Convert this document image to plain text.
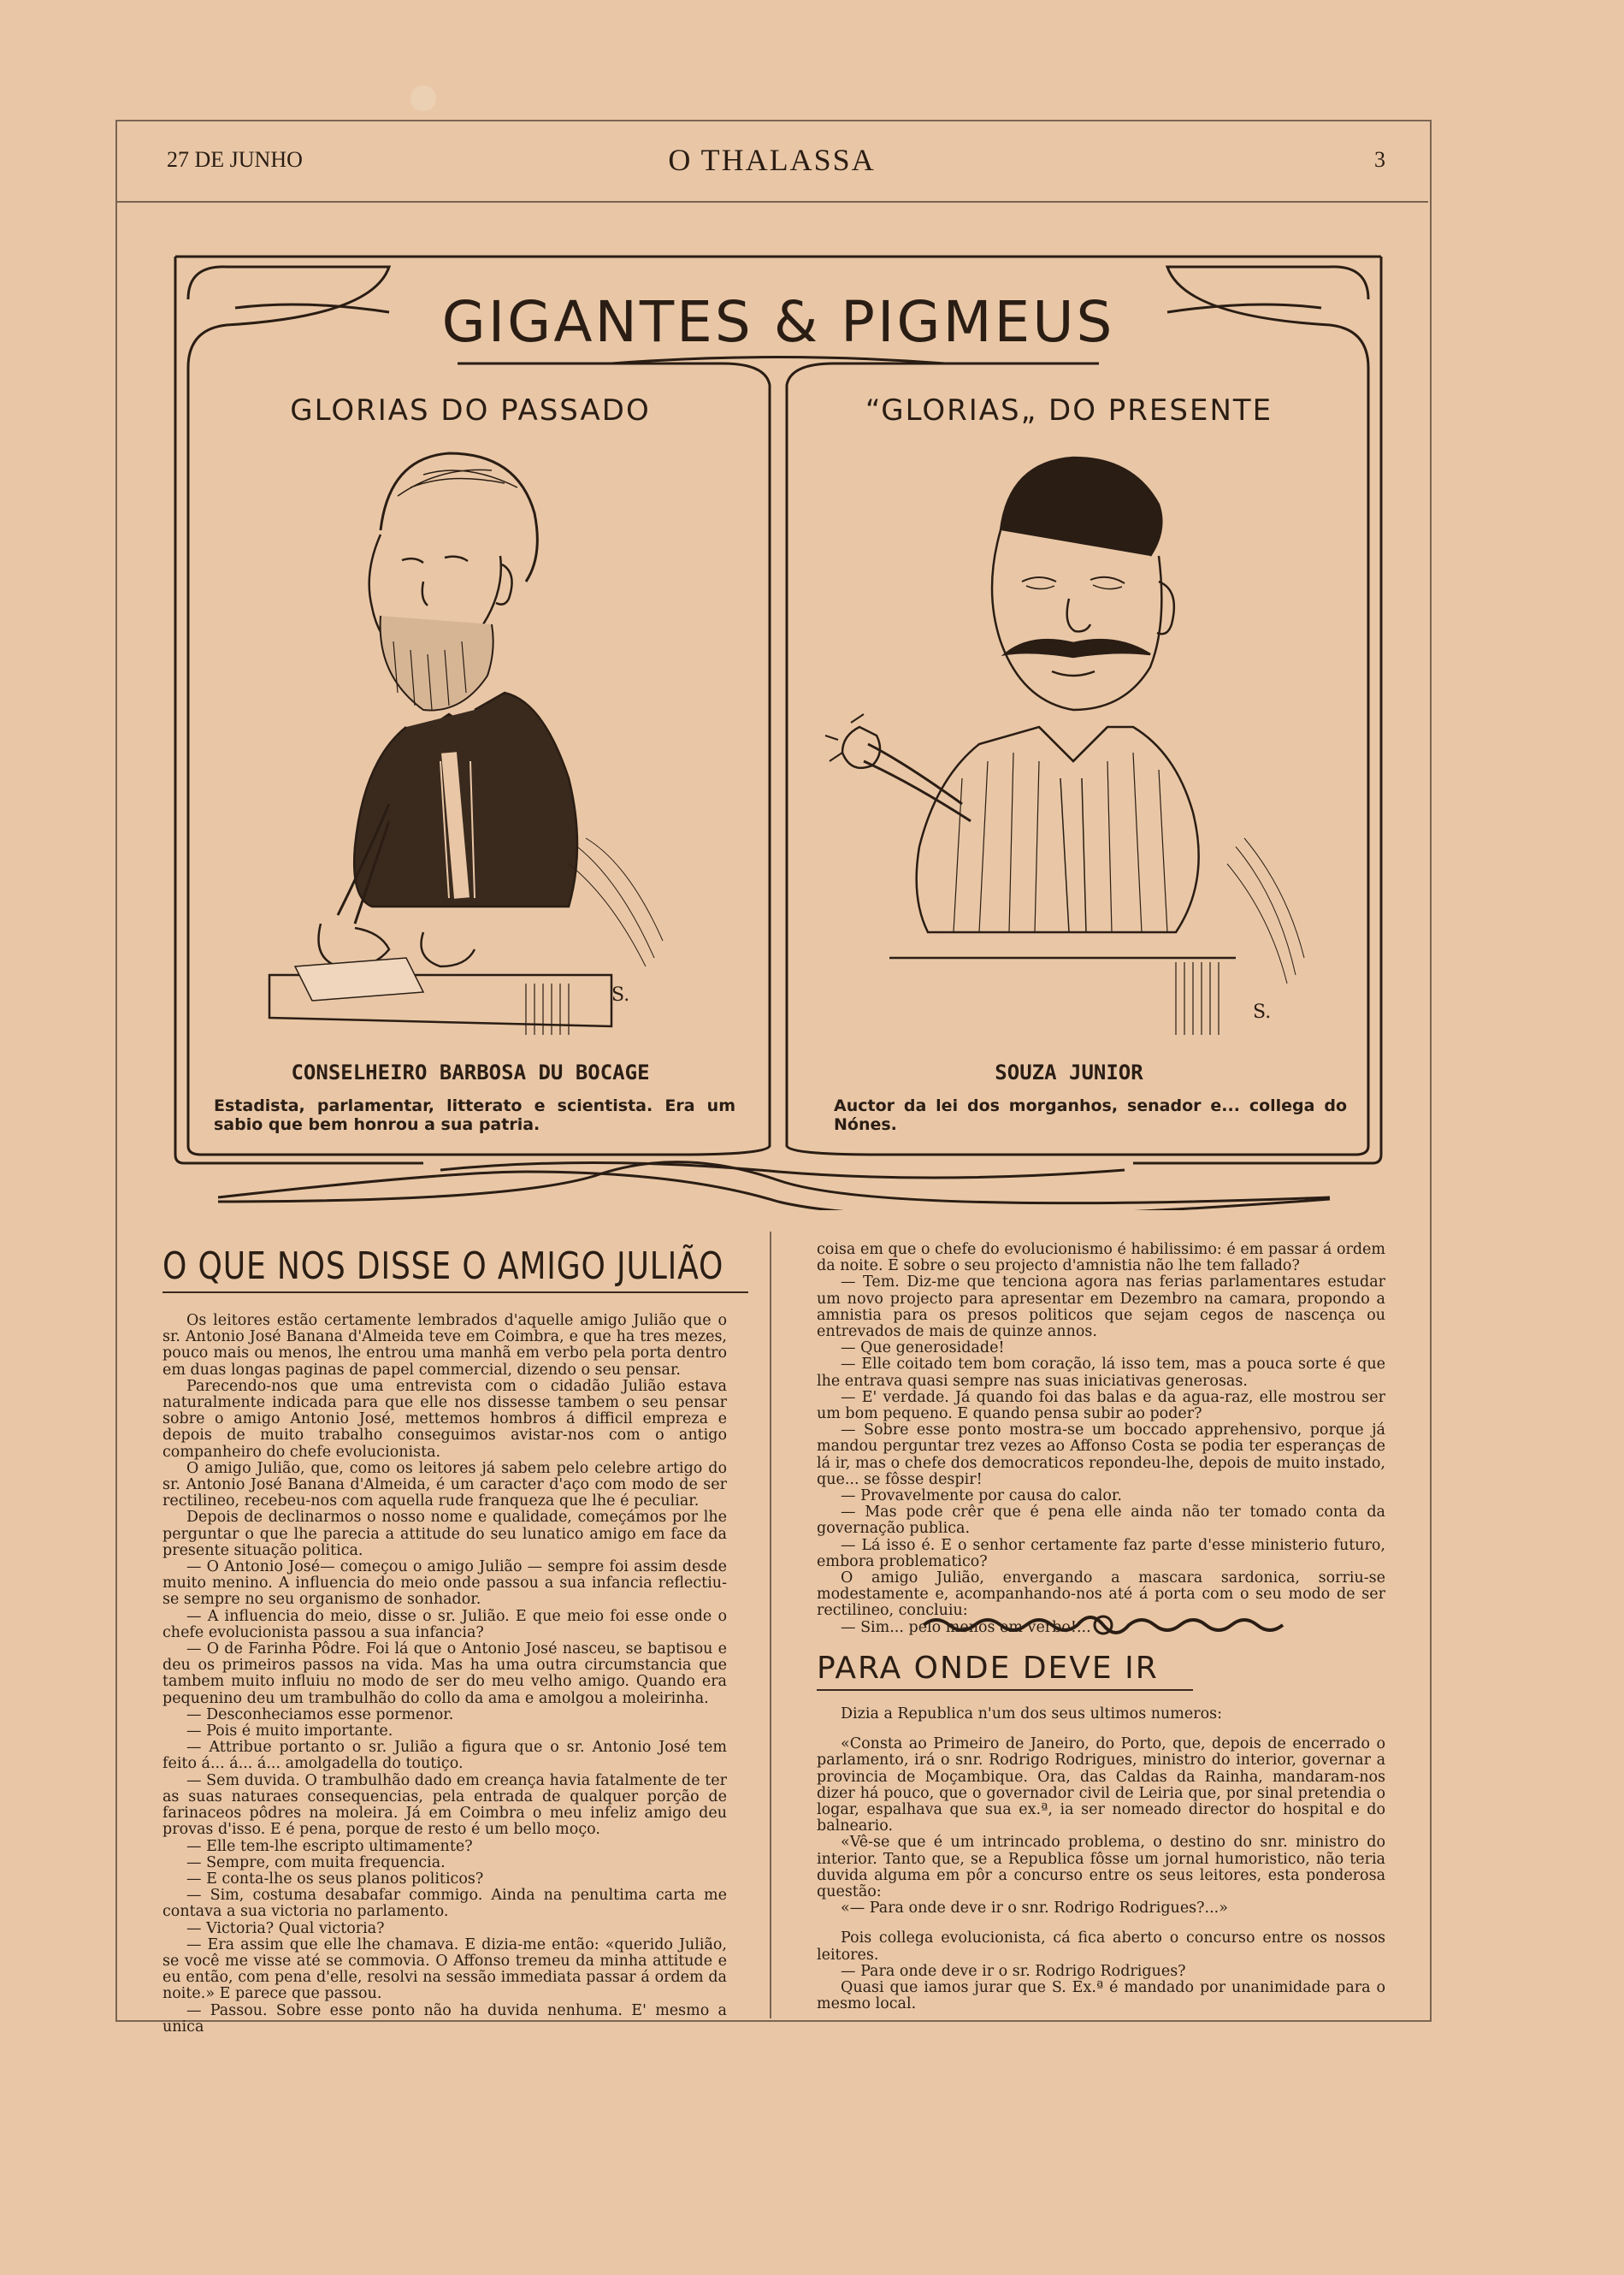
27 DE JUNHO	O THALASSA	3
S.
S.
GIGANTES & PIGMEUS
GLORIAS DO PASSADO	“GLORIAS„ DO PRESENTE
CONSELHEIRO BARBOSA DU BOCAGE	SOUZA JUNIOR
Estadista, parlamentar, litterato e scientista. Era um sabio que bem honrou a sua patria.
Auctor da lei dos morganhos, senador e... collega do Nónes.
O QUE NOS DISSE O AMIGO JULIÃO

Os leitores estão certamente lembrados d'aquelle amigo Julião que o sr. Antonio José Banana d'Almeida teve em Coimbra, e que ha tres mezes, pouco mais ou menos, lhe entrou uma manhã em verbo pela porta dentro em duas longas paginas de papel commercial, dizendo o seu pensar.

Parecendo-nos que uma entrevista com o cidadão Julião estava naturalmente indicada para que elle nos dissesse tambem o seu pensar sobre o amigo Antonio José, mettemos hombros á difficil empreza e depois de muito trabalho conseguimos avistar-nos com o antigo companheiro do chefe evolucionista.

O amigo Julião, que, como os leitores já sabem pelo celebre artigo do sr. Antonio José Banana d'Almeida, é um caracter d'aço com modo de ser rectilineo, recebeu-nos com aquella rude franqueza que lhe é peculiar.

Depois de declinarmos o nosso nome e qualidade, começámos por lhe perguntar o que lhe parecia a attitude do seu lunatico amigo em face da presente situação politica.

— O Antonio José— começou o amigo Julião — sempre foi assim desde muito menino. A influencia do meio onde passou a sua infancia reflectiu-se sempre no seu organismo de sonhador.

— A influencia do meio, disse o sr. Julião. E que meio foi esse onde o chefe evolucionista passou a sua infancia?

— O de Farinha Pôdre. Foi lá que o Antonio José nasceu, se baptisou e deu os primeiros passos na vida. Mas ha uma outra circumstancia que tambem muito influiu no modo de ser do meu velho amigo. Quando era pequenino deu um trambulhão do collo da ama e amolgou a moleirinha.

— Desconheciamos esse pormenor.

— Pois é muito importante.

— Attribue portanto o sr. Julião a figura que o sr. Antonio José tem feito á... á... á... amolgadella do toutiço.

— Sem duvida. O trambulhão dado em creança havia fatalmente de ter as suas naturaes consequencias, pela entrada de qualquer porção de farinaceos pôdres na moleira. Já em Coimbra o meu infeliz amigo deu provas d'isso. E é pena, porque de resto é um bello moço.

— Elle tem-lhe escripto ultimamente?

— Sempre, com muita frequencia.

— E conta-lhe os seus planos politicos?

— Sim, costuma desabafar commigo. Ainda na penultima carta me contava a sua victoria no parlamento.

— Victoria? Qual victoria?

— Era assim que elle lhe chamava. E dizia-me então: «querido Julião, se você me visse até se commovia. O Affonso tremeu da minha attitude e eu então, com pena d'elle, resolvi na sessão immediata passar á ordem da noite.» E parece que passou.

— Passou. Sobre esse ponto não ha duvida nenhuma. E' mesmo a unica

coisa em que o chefe do evolucionismo é habilissimo: é em passar á ordem da noite. E sobre o seu projecto d'amnistia não lhe tem fallado?

— Tem. Diz-me que tenciona agora nas ferias parlamentares estudar um novo projecto para apresentar em Dezembro na camara, propondo a amnistia para os presos politicos que sejam cegos de nascença ou entrevados de mais de quinze annos.

— Que generosidade!

— Elle coitado tem bom coração, lá isso tem, mas a pouca sorte é que lhe entrava quasi sempre nas suas iniciativas generosas.

— E' verdade. Já quando foi das balas e da agua-raz, elle mostrou ser um bom pequeno. E quando pensa subir ao poder?

— Sobre esse ponto mostra-se um boccado apprehensivo, porque já mandou perguntar trez vezes ao Affonso Costa se podia ter esperanças de lá ir, mas o chefe dos democraticos repondeu-lhe, depois de muito instado, que... se fôsse despir!

— Provavelmente por causa do calor.

— Mas pode crêr que é pena elle ainda não ter tomado conta da governação publica.

— Lá isso é. E o senhor certamente faz parte d'esse ministerio futuro, embora problematico?

O amigo Julião, envergando a mascara sardonica, sorriu-se modestamente e, acompanhando-nos até á porta com o seu modo de ser rectilineo, concluiu:

— Sim... pelo menos em verbo!...

PARA ONDE DEVE IR

Dizia a Republica n'um dos seus ultimos numeros:

«Consta ao Primeiro de Janeiro, do Porto, que, depois de encerrado o parlamento, irá o snr. Rodrigo Rodrigues, ministro do interior, governar a provincia de Moçambique. Ora, das Caldas da Rainha, mandaram-nos dizer há pouco, que o governador civil de Leiria que, por sinal pretendia o logar, espalhava que sua ex.ª, ia ser nomeado director do hospital e do balneario.

«Vê-se que é um intrincado problema, o destino do snr. ministro do interior. Tanto que, se a Republica fôsse um jornal humoristico, não teria duvida alguma em pôr a concurso entre os seus leitores, esta ponderosa questão:

«— Para onde deve ir o snr. Rodrigo Rodrigues?...»

Pois collega evolucionista, cá fica aberto o concurso entre os nossos leitores.

— Para onde deve ir o sr. Rodrigo Rodrigues?

Quasi que iamos jurar que S. Ex.ª é mandado por unanimidade para o mesmo local.
